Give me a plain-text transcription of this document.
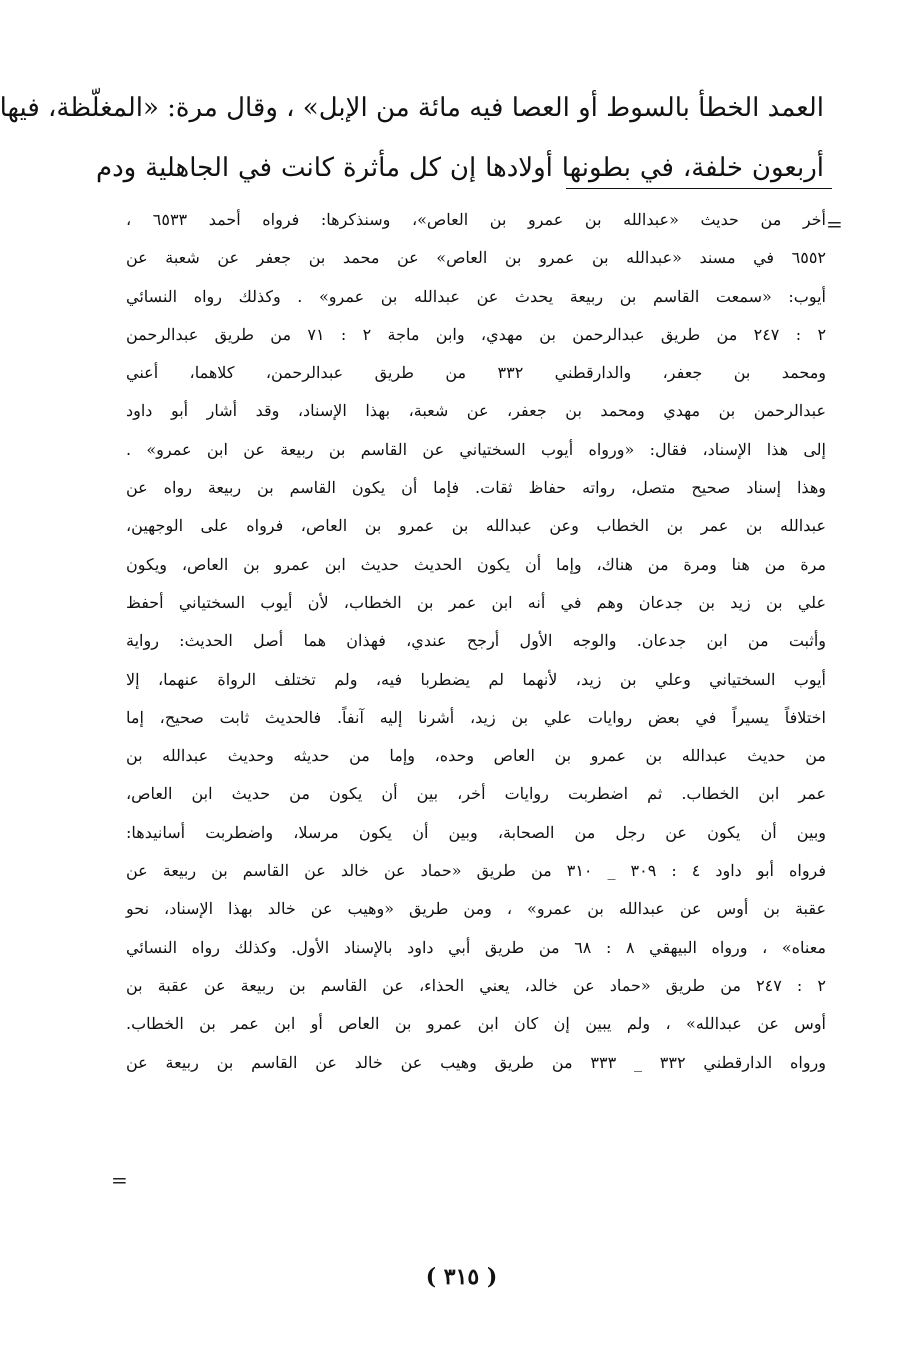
العمد الخطأ بالسوط أو العصا فيه مائة من الإبل» ، وقال مرة: «المغلّظة، فيها
أربعون خلفة، في بطونها أولادها إن كل مأثرة كانت في الجاهلية ودم
=
أخر من حديث «عبدالله بن عمرو بن العاص»، وسنذكرها: فرواه أحمد ٦٥٣٣ ،
٦٥٥٢ في مسند «عبدالله بن عمرو بن العاص» عن محمد بن جعفر عن شعبة عن
أيوب: «سمعت القاسم بن ربيعة يحدث عن عبدالله بن عمرو» . وكذلك رواه النسائي
٢ : ٢٤٧ من طريق عبدالرحمن بن مهدي، وابن ماجة ٢ : ٧١ من طريق عبدالرحمن
ومحمد بن جعفر، والدارقطني ٣٣٢ من طريق عبدالرحمن، كلاهما، أعني
عبدالرحمن بن مهدي ومحمد بن جعفر، عن شعبة، بهذا الإسناد، وقد أشار أبو داود
إلى هذا الإسناد، فقال: «ورواه أيوب السختياني عن القاسم بن ربيعة عن ابن عمرو» .
وهذا إسناد صحيح متصل، رواته حفاظ ثقات. فإما أن يكون القاسم بن ربيعة رواه عن
عبدالله بن عمر بن الخطاب وعن عبدالله بن عمرو بن العاص، فرواه على الوجهين،
مرة من هنا ومرة من هناك، وإما أن يكون الحديث حديث ابن عمرو بن العاص، ويكون
علي بن زيد بن جدعان وهم في أنه ابن عمر بن الخطاب، لأن أيوب السختياني أحفظ
وأثبت من ابن جدعان. والوجه الأول أرجح عندي، فهذان هما أصل الحديث: رواية
أيوب السختياني وعلي بن زيد، لأنهما لم يضطربا فيه، ولم تختلف الرواة عنهما، إلا
اختلافاً يسيراً في بعض روايات علي بن زيد، أشرنا إليه آنفاً. فالحديث ثابت صحيح، إما
من حديث عبدالله بن عمرو بن العاص وحده، وإما من حديثه وحديث عبدالله بن
عمر ابن الخطاب. ثم اضطربت روايات أخر، بين أن يكون من حديث ابن العاص،
وبين أن يكون عن رجل من الصحابة، وبين أن يكون مرسلا، واضطربت أسانيدها:
فرواه أبو داود ٤ : ٣٠٩ _ ٣١٠ من طريق «حماد عن خالد عن القاسم بن ربيعة عن
عقبة بن أوس عن عبدالله بن عمرو» ، ومن طريق «وهيب عن خالد بهذا الإسناد، نحو
معناه» ، ورواه البيهقي ٨ : ٦٨ من طريق أبي داود بالإسناد الأول. وكذلك رواه النسائي
٢ : ٢٤٧ من طريق «حماد عن خالد، يعني الحذاء، عن القاسم بن ربيعة عن عقبة بن
أوس عن عبدالله» ، ولم يبين إن كان ابن عمرو بن العاص أو ابن عمر بن الخطاب.
ورواه الدارقطني ٣٣٢ _ ٣٣٣ من طريق وهيب عن خالد عن القاسم بن ربيعة عن
=
( ٣١٥ )
